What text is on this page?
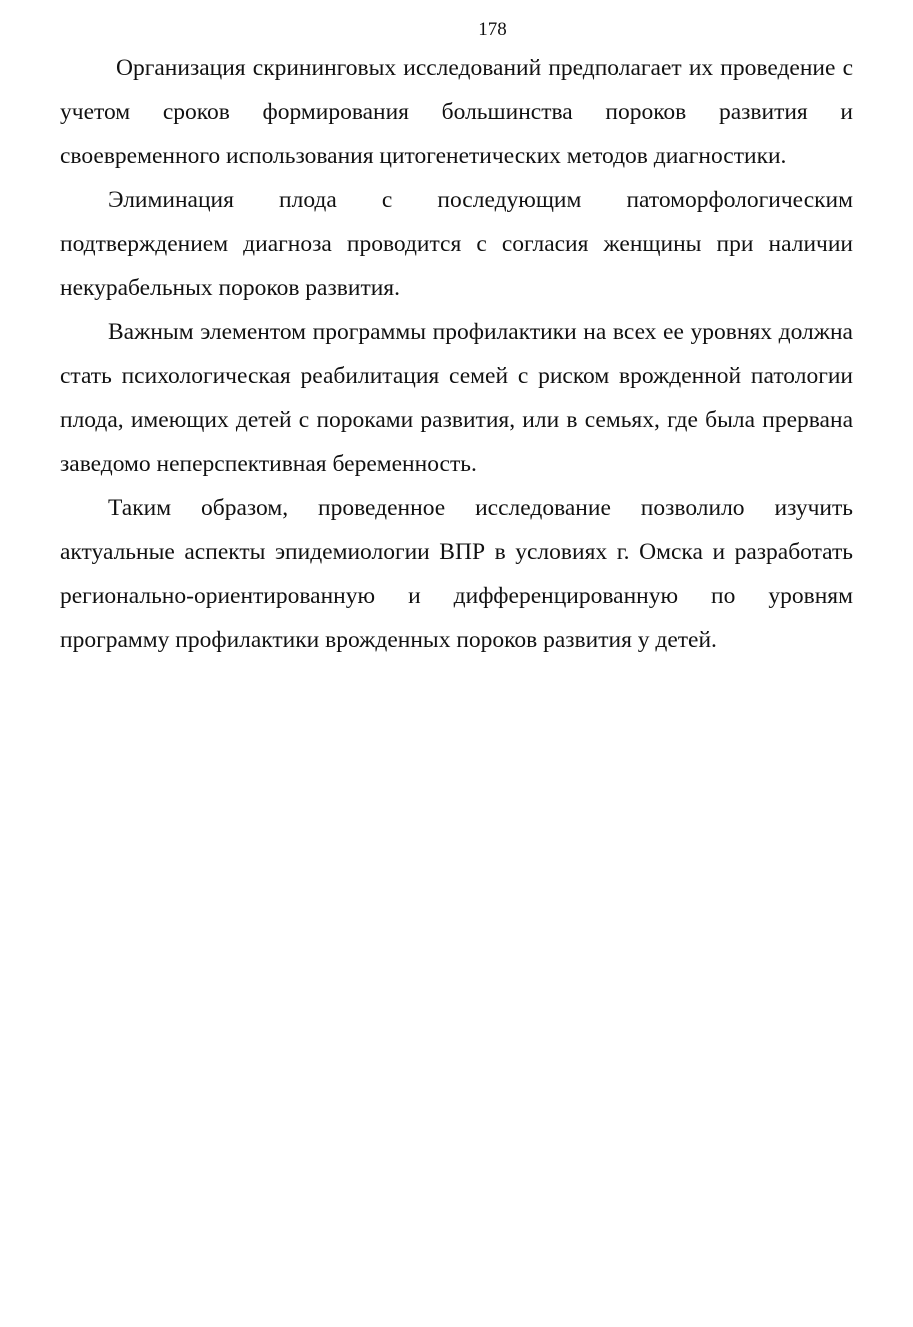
178

Организация скрининговых исследований предполагает их проведение с учетом сроков формирования большинства пороков развития и своевременного использования цитогенетических методов диагностики.

Элиминация плода с последующим патоморфологическим подтверждением диагноза проводится с согласия женщины при наличии некурабельных пороков развития.

Важным элементом программы профилактики на всех ее уровнях должна стать психологическая реабилитация семей с риском врожденной патологии плода, имеющих детей с пороками развития, или в семьях, где была прервана заведомо неперспективная беременность.

Таким образом, проведенное исследование позволило изучить актуальные аспекты эпидемиологии ВПР в условиях г. Омска и разработать регионально-ориентированную и дифференцированную по уровням программу профилактики врожденных пороков развития у детей.
